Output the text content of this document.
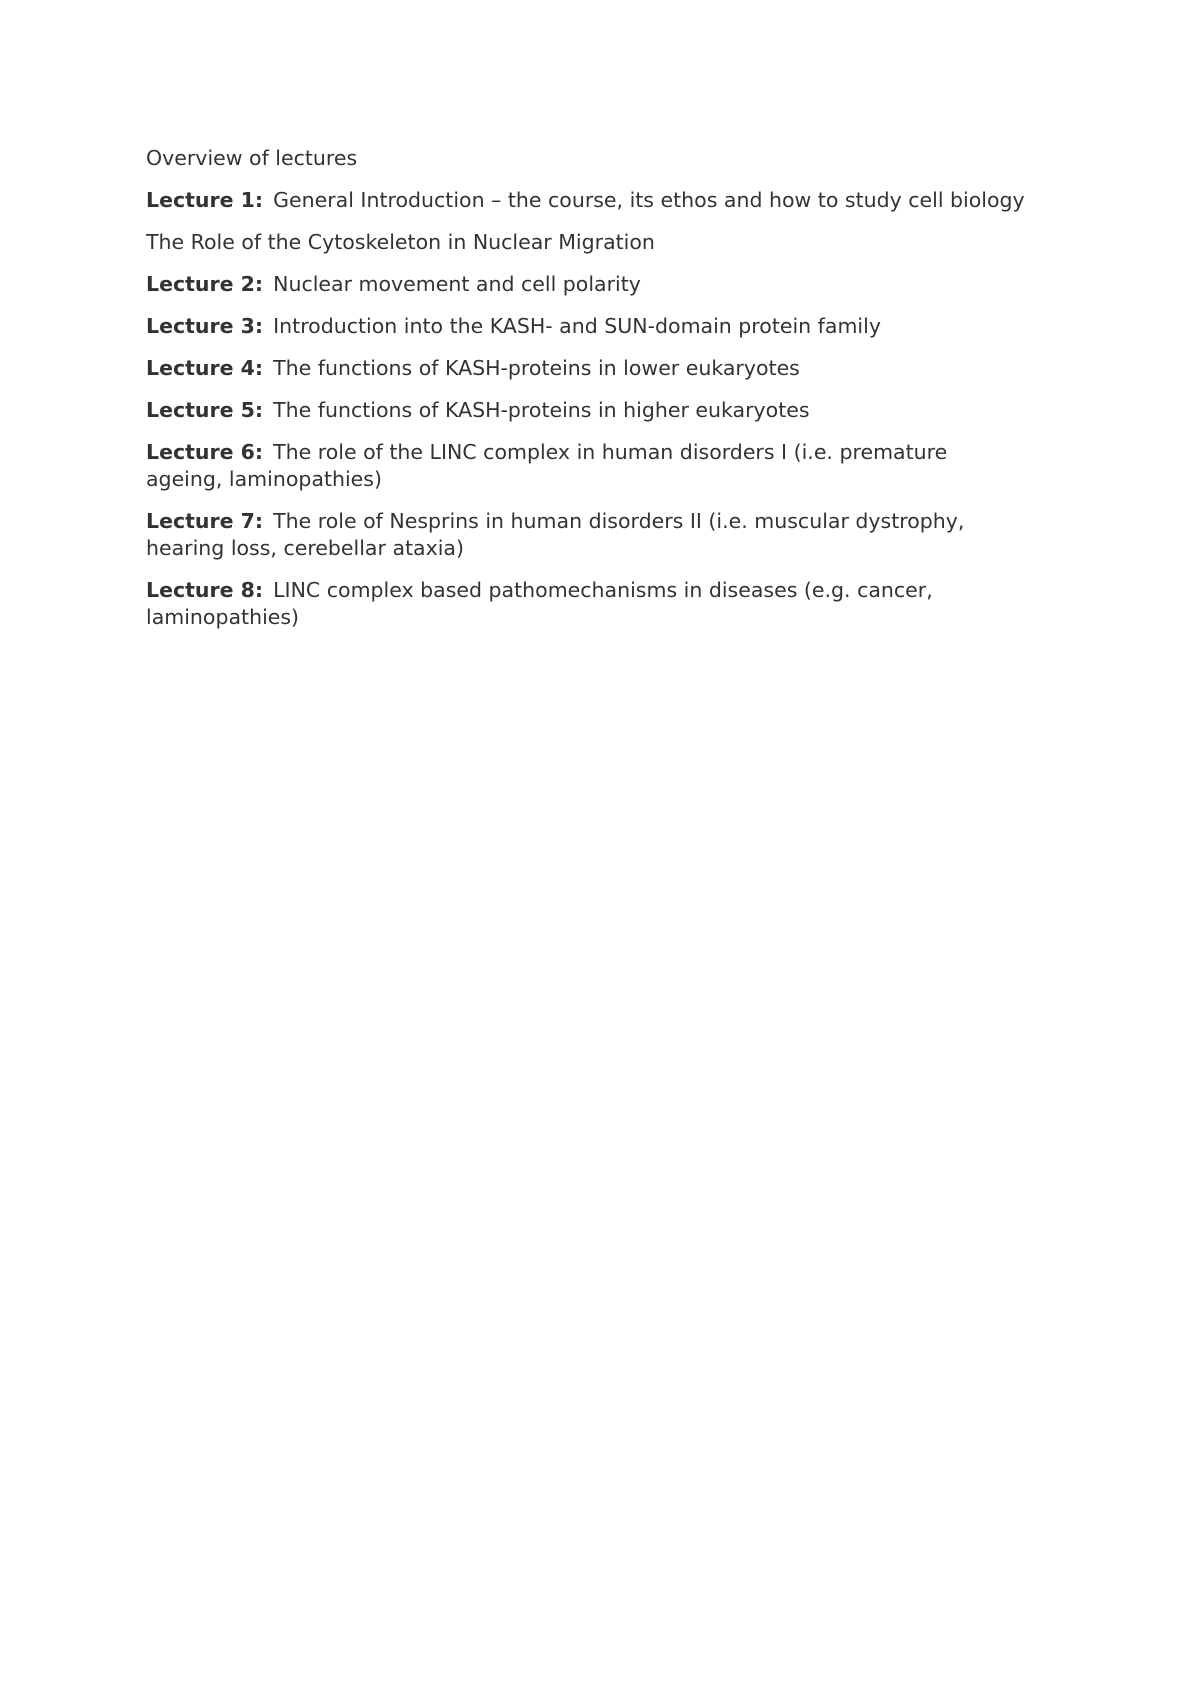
Overview of lectures

Lecture 1: General Introduction – the course, its ethos and how to study cell biology

The Role of the Cytoskeleton in Nuclear Migration

Lecture 2: Nuclear movement and cell polarity

Lecture 3: Introduction into the KASH- and SUN-domain protein family

Lecture 4: The functions of KASH-proteins in lower eukaryotes

Lecture 5: The functions of KASH-proteins in higher eukaryotes

Lecture 6: The role of the LINC complex in human disorders I (i.e. premature ageing, laminopathies)

Lecture 7: The role of Nesprins in human disorders II (i.e. muscular dystrophy, hearing loss, cerebellar ataxia)

Lecture 8: LINC complex based pathomechanisms in diseases (e.g. cancer, laminopathies)
